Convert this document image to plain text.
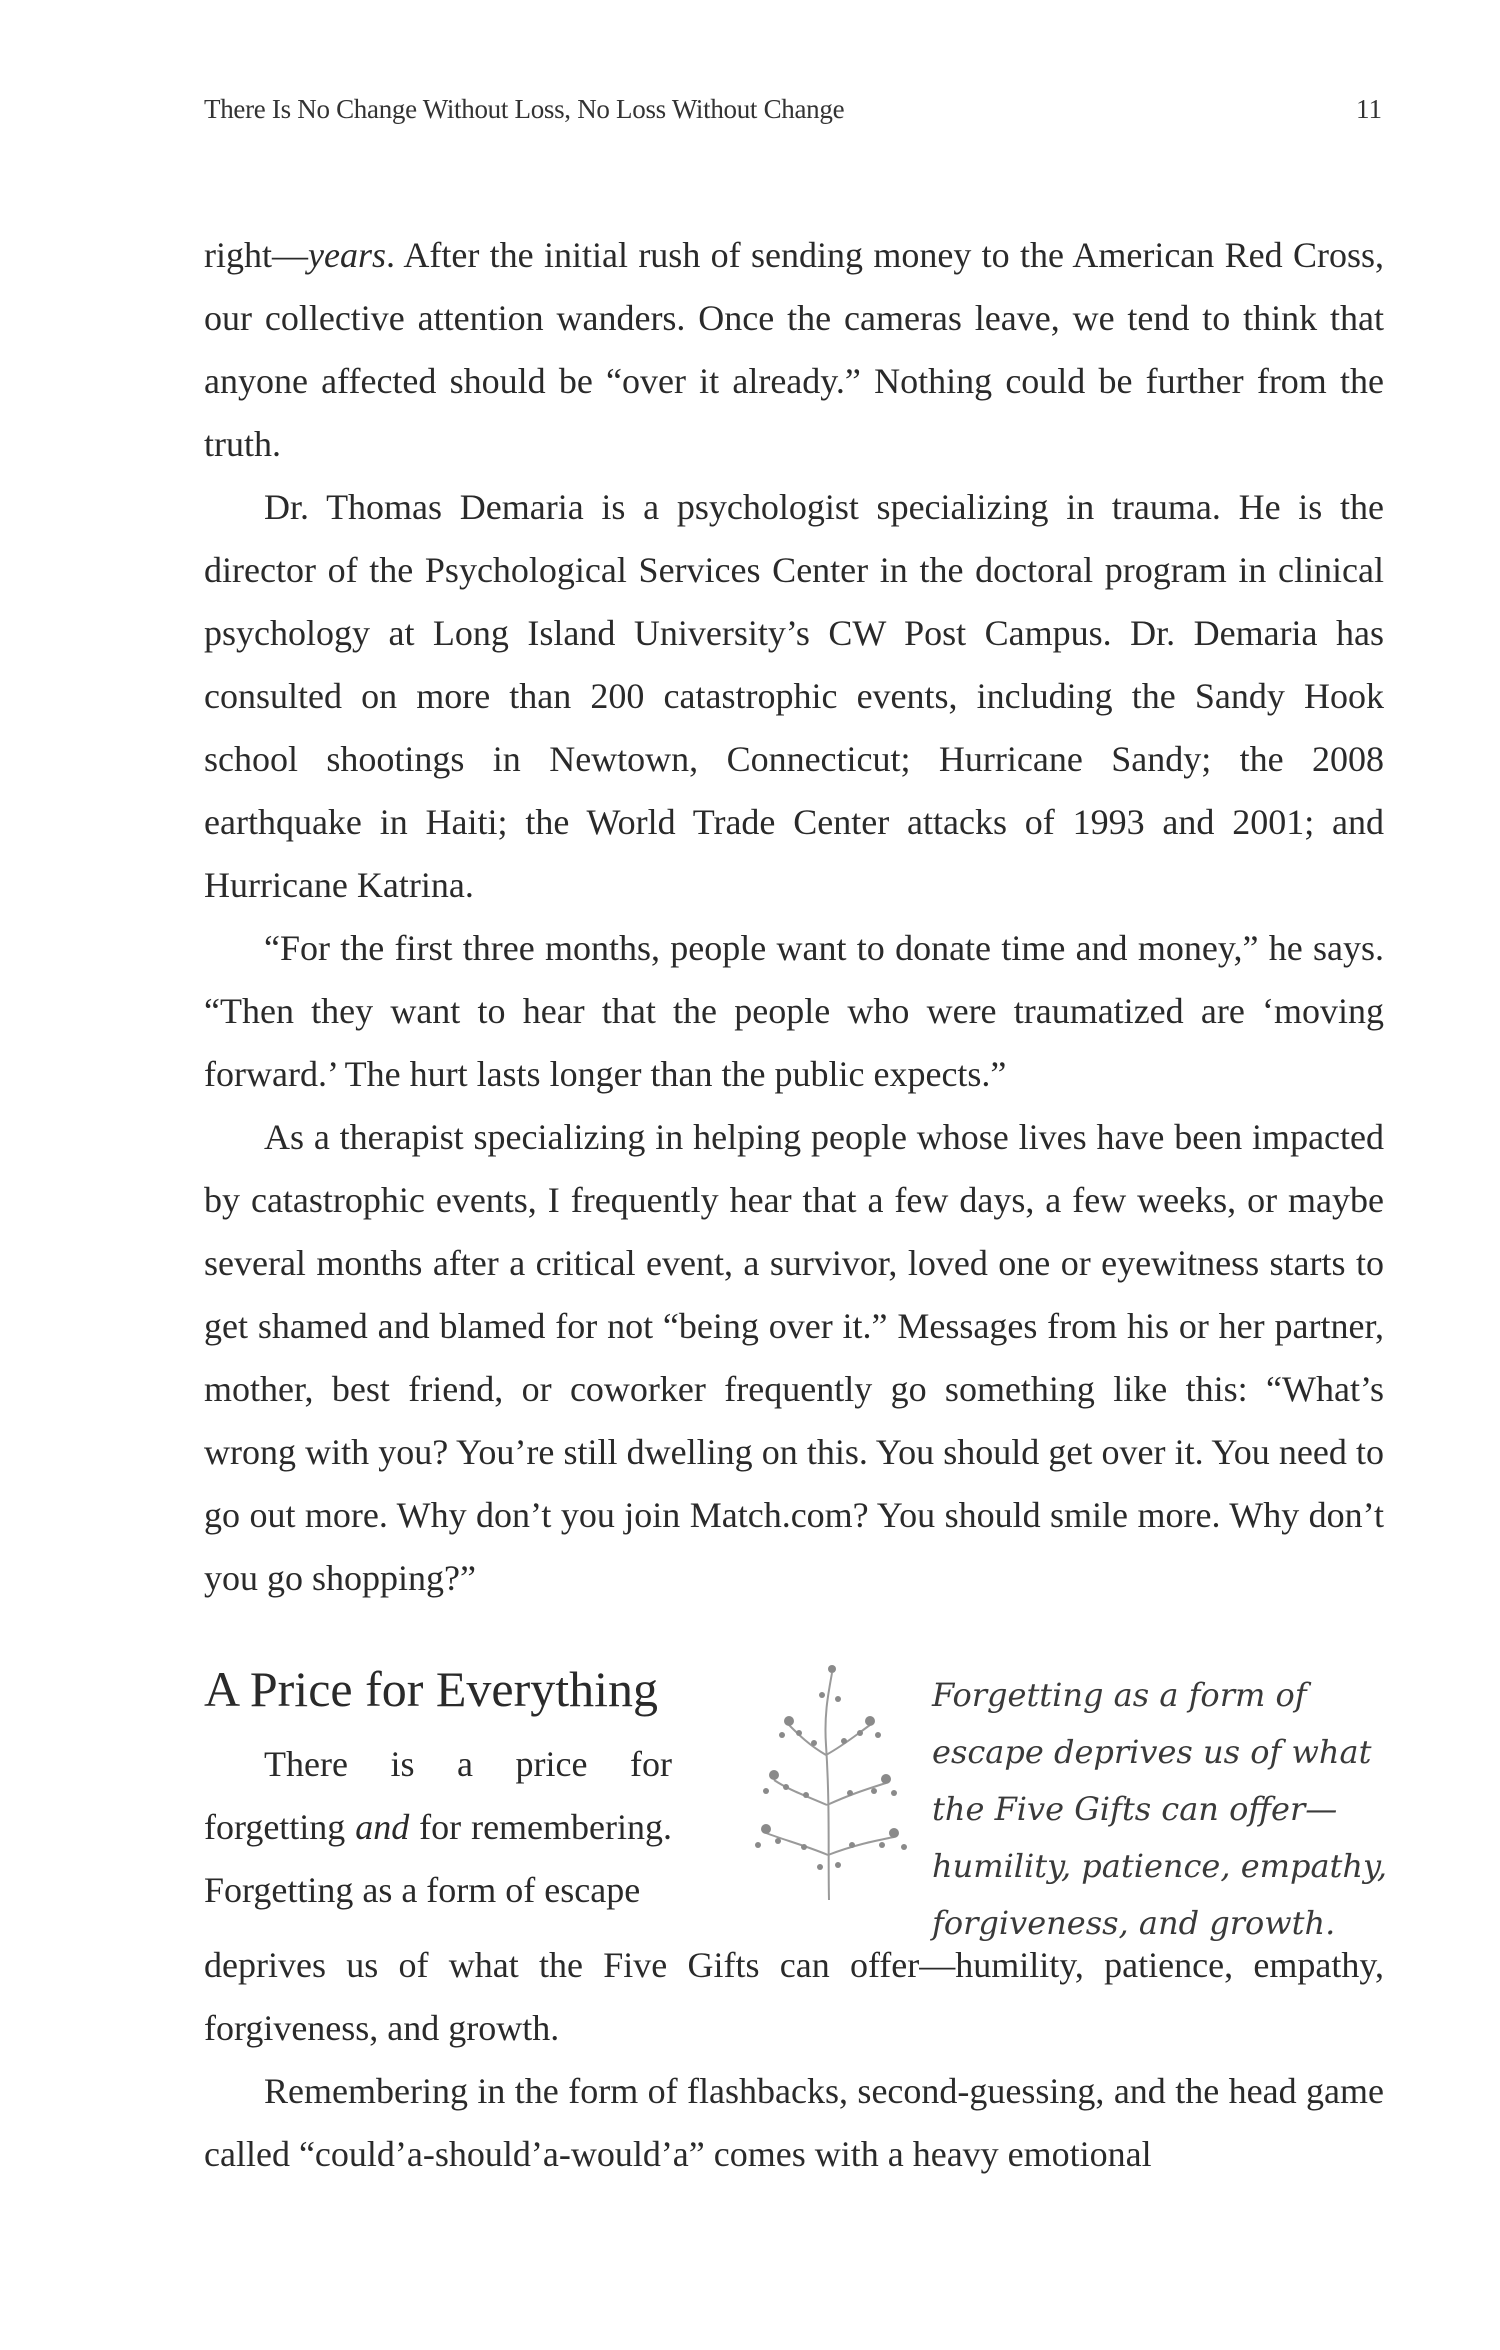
There Is No Change Without Loss, No Loss Without Change	11

right—years. After the initial rush of sending money to the American Red Cross, our collective attention wanders. Once the cameras leave, we tend to think that anyone affected should be “over it already.” Nothing could be further from the truth.

Dr. Thomas Demaria is a psychologist specializing in trauma. He is the director of the Psychological Services Center in the doctoral program in clinical psychology at Long Island University’s CW Post Campus. Dr. Demaria has consulted on more than 200 catastrophic events, including the Sandy Hook school shootings in Newtown, Connecticut; Hurricane Sandy; the 2008 earthquake in Haiti; the World Trade Center attacks of 1993 and 2001; and Hurricane Katrina.

“For the first three months, people want to donate time and money,” he says. “Then they want to hear that the people who were traumatized are ‘moving forward.’ The hurt lasts longer than the public expects.”

As a therapist specializing in helping people whose lives have been impacted by catastrophic events, I frequently hear that a few days, a few weeks, or maybe several months after a critical event, a survivor, loved one or eyewitness starts to get shamed and blamed for not “being over it.” Messages from his or her partner, mother, best friend, or coworker frequently go something like this: “What’s wrong with you? You’re still dwelling on this. You should get over it. You need to go out more. Why don’t you join Match.com? You should smile more. Why don’t you go shopping?”

A Price for Everything

There is a price for forgetting and for remembering. Forgetting as a form of escape

Forgetting as a form of escape deprives us of what the Five Gifts can offer—humility, patience, empathy, forgiveness, and growth.

deprives us of what the Five Gifts can offer—humility, patience, empathy, forgiveness, and growth.

Remembering in the form of flashbacks, second-guessing, and the head game called “could’a-should’a-would’a” comes with a heavy emotional
